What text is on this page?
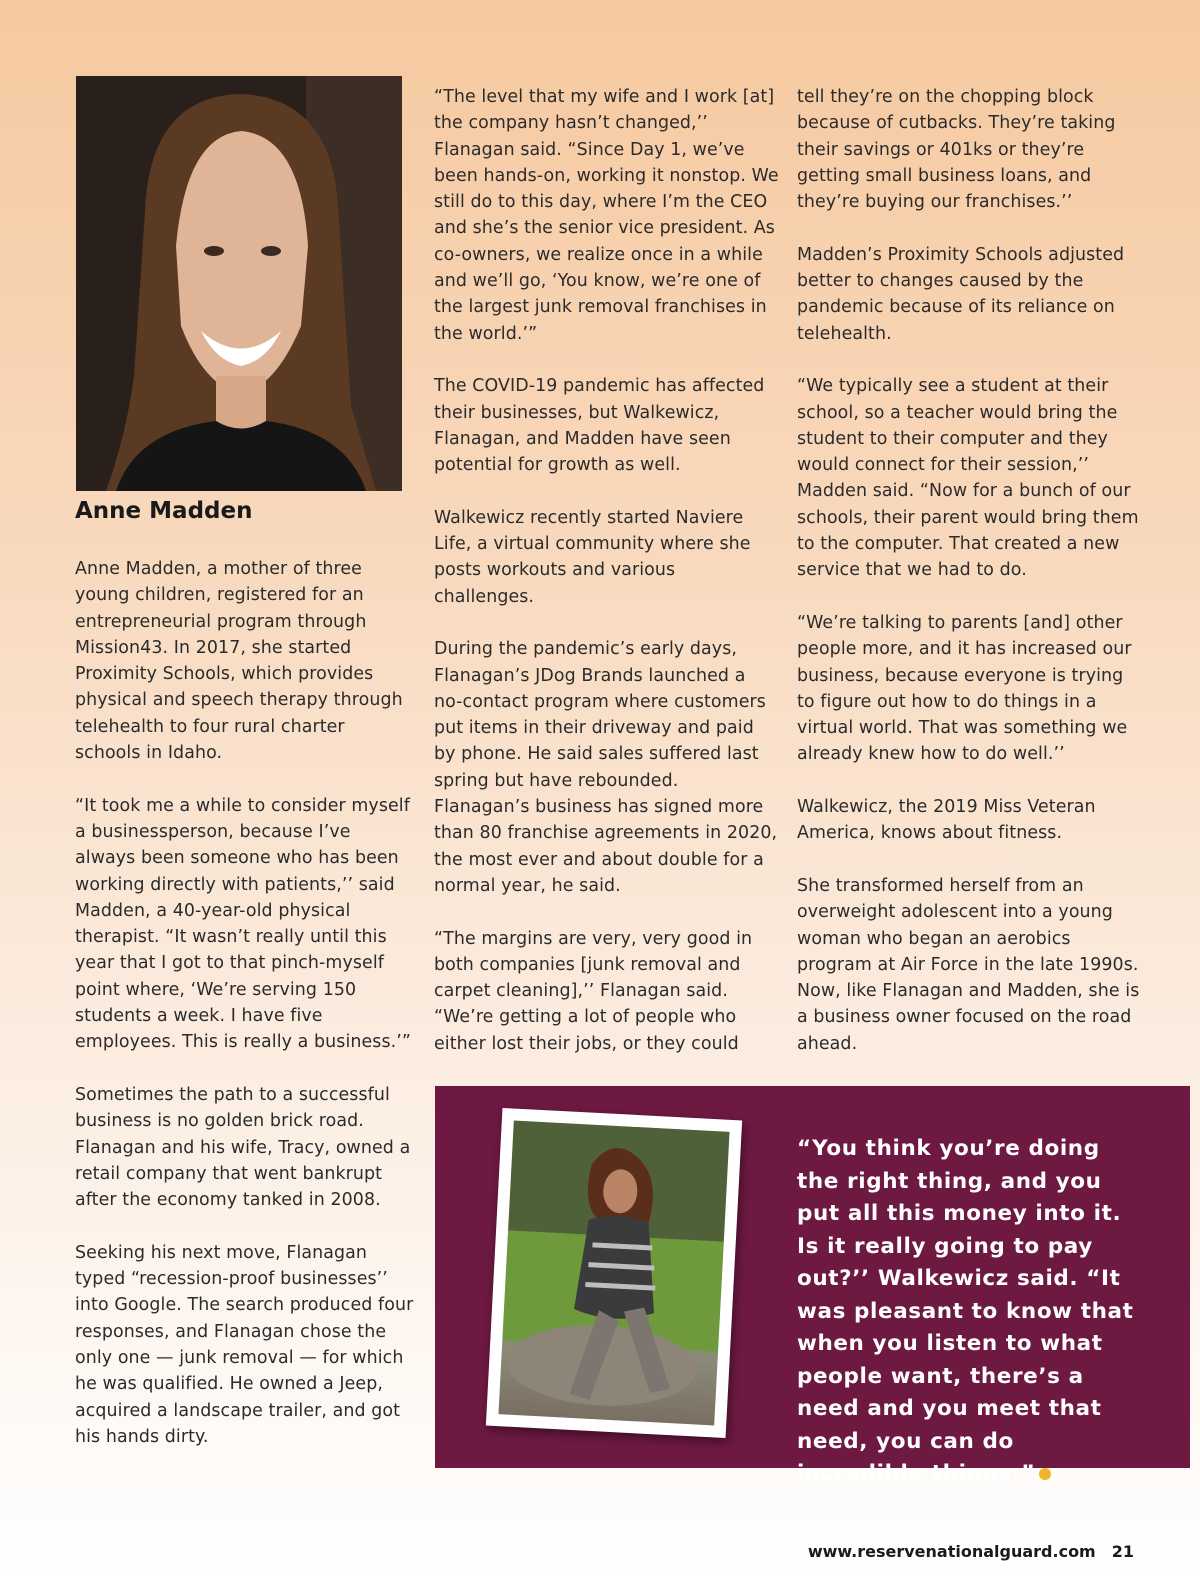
Anne Madden

Anne Madden, a mother of three young children, registered for an entrepreneurial program through Mission43. In 2017, she started Proximity Schools, which provides physical and speech therapy through telehealth to four rural charter schools in Idaho.

“It took me a while to consider myself a businessperson, because I’ve always been someone who has been working directly with patients,’’ said Madden, a 40-year-old physical therapist. “It wasn’t really until this year that I got to that pinch-myself point where, ‘We’re serving 150 students a week. I have five employees. This is really a business.’”

Sometimes the path to a successful business is no golden brick road. Flanagan and his wife, Tracy, owned a retail company that went bankrupt after the economy tanked in 2008.

Seeking his next move, Flanagan typed “recession-proof businesses’’ into Google. The search produced four responses, and Flanagan chose the only one — junk removal — for which he was qualified. He owned a Jeep, acquired a landscape trailer, and got his hands dirty.

“The level that my wife and I work [at] the company hasn’t changed,’’ Flanagan said. “Since Day 1, we’ve been hands-on, working it nonstop. We still do to this day, where I’m the CEO and she’s the senior vice president. As co-owners, we realize once in a while and we’ll go, ‘You know, we’re one of the largest junk removal franchises in the world.’”

The COVID-19 pandemic has affected their businesses, but Walkewicz, Flanagan, and Madden have seen potential for growth as well.

Walkewicz recently started Naviere Life, a virtual community where she posts workouts and various challenges.

During the pandemic’s early days, Flanagan’s JDog Brands launched a no-contact program where customers put items in their driveway and paid by phone. He said sales suffered last spring but have rebounded. Flanagan’s business has signed more than 80 franchise agreements in 2020, the most ever and about double for a normal year, he said.

“The margins are very, very good in both companies [junk removal and carpet cleaning],’’ Flanagan said. “We’re getting a lot of people who either lost their jobs, or they could

tell they’re on the chopping block because of cutbacks. They’re taking their savings or 401ks or they’re getting small business loans, and they’re buying our franchises.’’

Madden’s Proximity Schools adjusted better to changes caused by the pandemic because of its reliance on telehealth.

“We typically see a student at their school, so a teacher would bring the student to their computer and they would connect for their session,’’ Madden said. “Now for a bunch of our schools, their parent would bring them to the computer. That created a new service that we had to do.

“We’re talking to parents [and] other people more, and it has increased our business, because everyone is trying to figure out how to do things in a virtual world. That was something we already knew how to do well.’’

Walkewicz, the 2019 Miss Veteran America, knows about fitness.

She transformed herself from an overweight adolescent into a young woman who began an aerobics program at Air Force in the late 1990s. Now, like Flanagan and Madden, she is a business owner focused on the road ahead.

“You think you’re doing the right thing, and you put all this money into it. Is it really going to pay out?’’ Walkewicz said. “It was pleasant to know that when you listen to what people want, there’s a need and you meet that need, you can do incredible things.”
www.reservenationalguard.com 21
